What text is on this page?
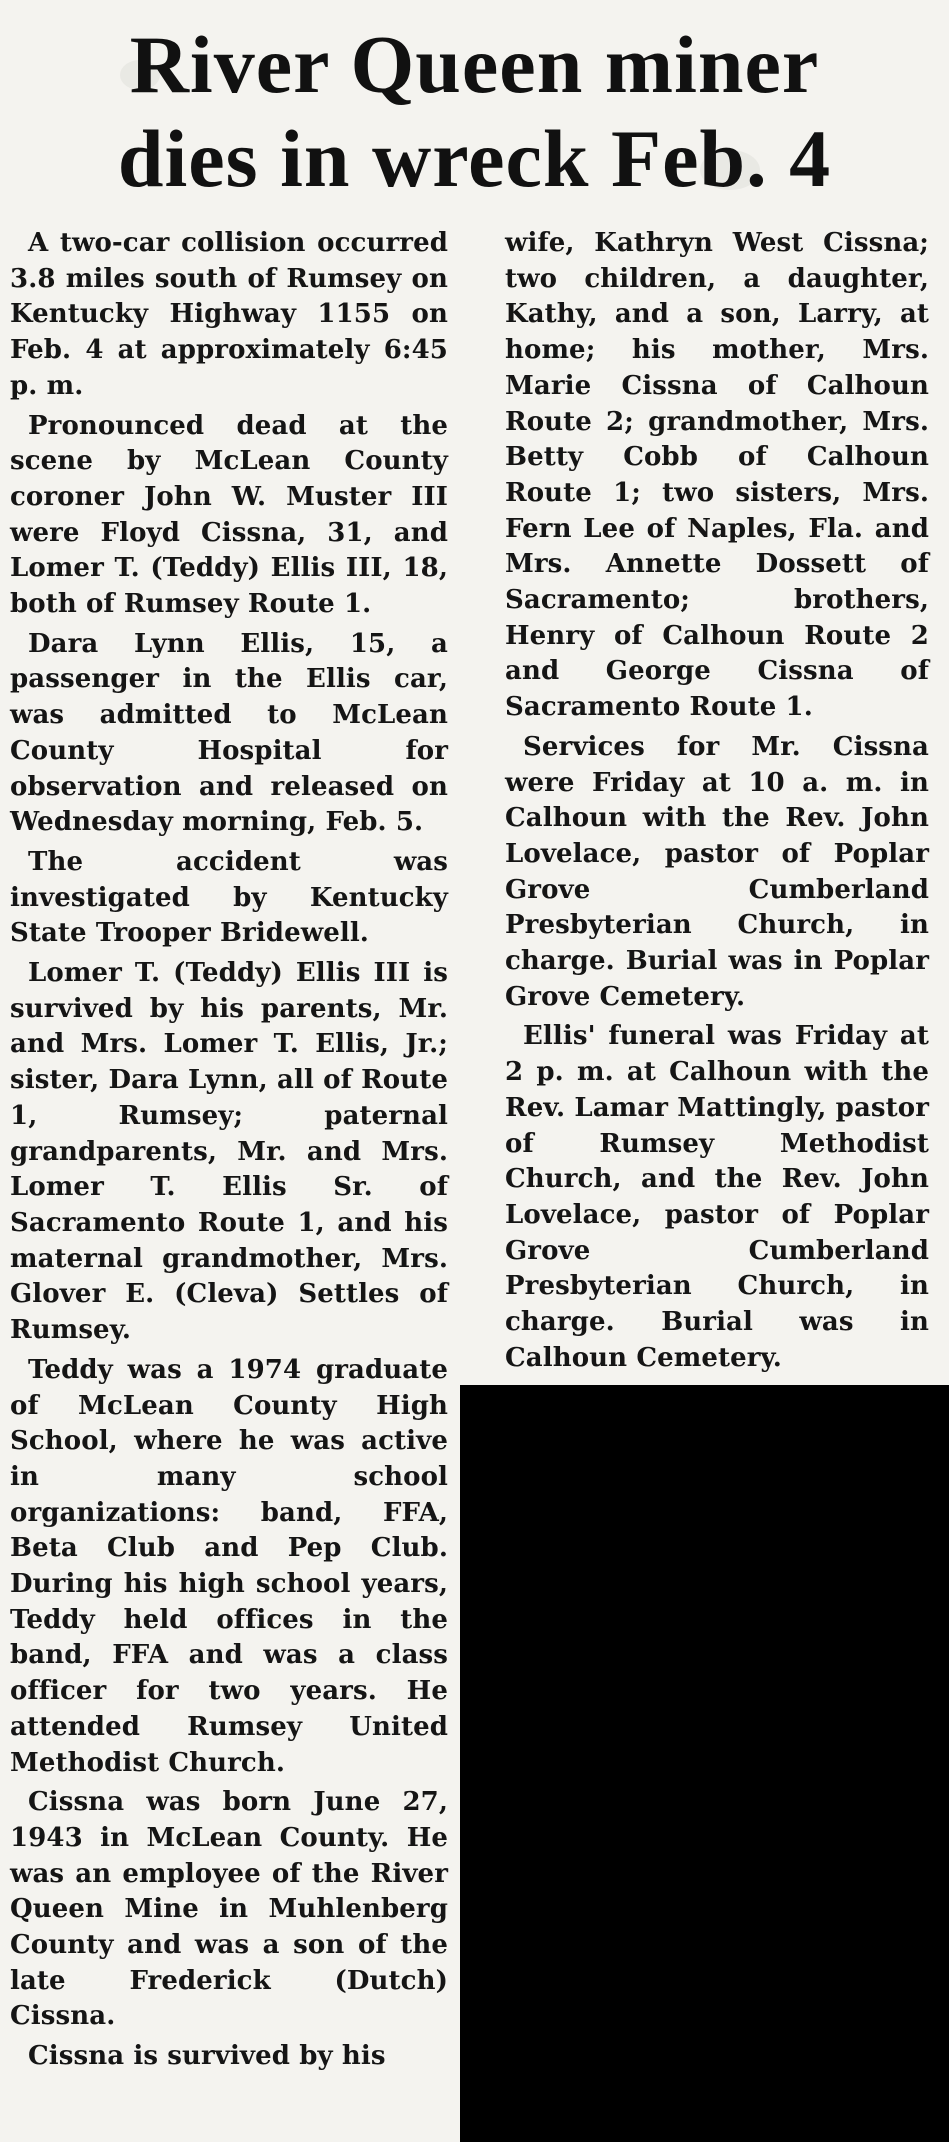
River Queen miner
dies in wreck Feb. 4

A two-car collision occurred 3.8 miles south of Rumsey on Kentucky Highway 1155 on Feb. 4 at approximately 6:45 p. m.

Pronounced dead at the scene by McLean County coroner John W. Muster III were Floyd Cissna, 31, and Lomer T. (Teddy) Ellis III, 18, both of Rumsey Route 1.

Dara Lynn Ellis, 15, a passenger in the Ellis car, was admitted to McLean County Hospital for observation and released on Wednesday morning, Feb. 5.

The accident was investigated by Kentucky State Trooper Bridewell.

Lomer T. (Teddy) Ellis III is survived by his parents, Mr. and Mrs. Lomer T. Ellis, Jr.; sister, Dara Lynn, all of Route 1, Rumsey; paternal grandparents, Mr. and Mrs. Lomer T. Ellis Sr. of Sacramento Route 1, and his maternal grandmother, Mrs. Glover E. (Cleva) Settles of Rumsey.

Teddy was a 1974 graduate of McLean County High School, where he was active in many school organizations: band, FFA, Beta Club and Pep Club. During his high school years, Teddy held offices in the band, FFA and was a class officer for two years. He attended Rumsey United Methodist Church.

Cissna was born June 27, 1943 in McLean County. He was an employee of the River Queen Mine in Muhlenberg County and was a son of the late Frederick (Dutch) Cissna.

Cissna is survived by his

wife, Kathryn West Cissna; two children, a daughter, Kathy, and a son, Larry, at home; his mother, Mrs. Marie Cissna of Calhoun Route 2; grandmother, Mrs. Betty Cobb of Calhoun Route 1; two sisters, Mrs. Fern Lee of Naples, Fla. and Mrs. Annette Dossett of Sacramento; brothers, Henry of Calhoun Route 2 and George Cissna of Sacramento Route 1.

Services for Mr. Cissna were Friday at 10 a. m. in Calhoun with the Rev. John Lovelace, pastor of Poplar Grove Cumberland Presbyterian Church, in charge. Burial was in Poplar Grove Cemetery.

Ellis' funeral was Friday at 2 p. m. at Calhoun with the Rev. Lamar Mattingly, pastor of Rumsey Methodist Church, and the Rev. John Lovelace, pastor of Poplar Grove Cumberland Presbyterian Church, in charge. Burial was in Calhoun Cemetery.
